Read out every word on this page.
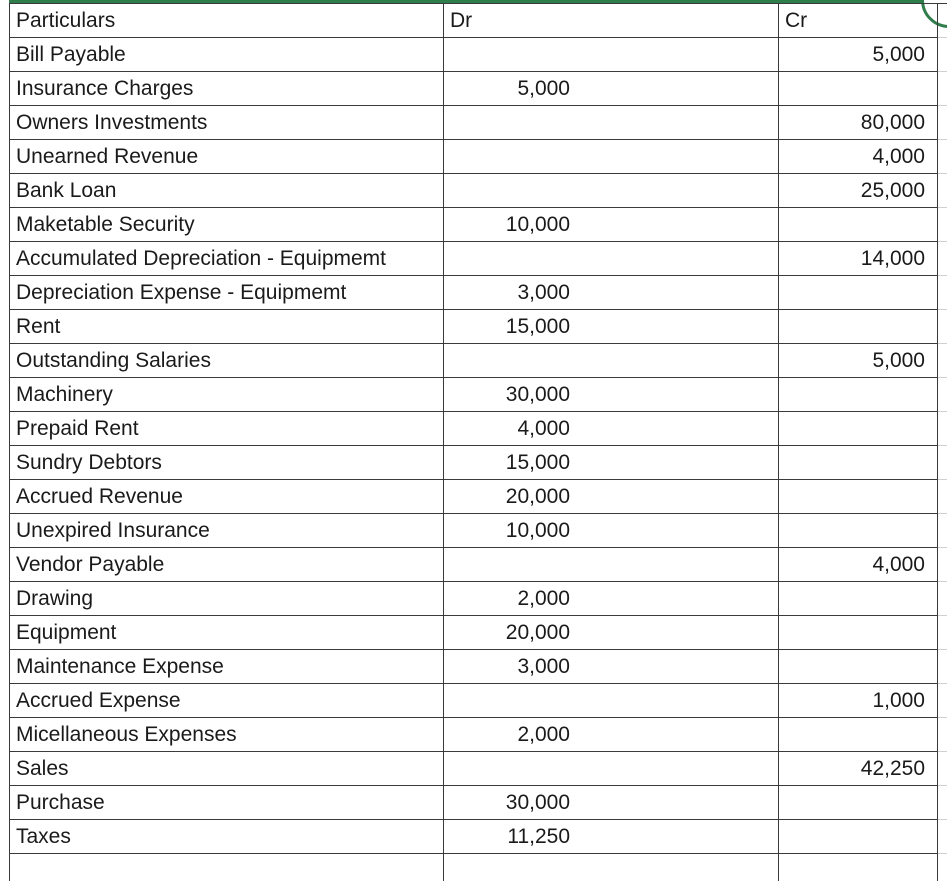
Particulars	Dr	Cr	
Bill Payable		5,000	
Insurance Charges	5,000		
Owners Investments		80,000	
Unearned Revenue		4,000	
Bank Loan		25,000	
Maketable Security	10,000		
Accumulated Depreciation - Equipmemt		14,000	
Depreciation Expense - Equipmemt	3,000		
Rent	15,000		
Outstanding Salaries		5,000	
Machinery	30,000		
Prepaid Rent	4,000		
Sundry Debtors	15,000		
Accrued Revenue	20,000		
Unexpired Insurance	10,000		
Vendor Payable		4,000	
Drawing	2,000		
Equipment	20,000		
Maintenance Expense	3,000		
Accrued Expense		1,000	
Micellaneous Expenses	2,000		
Sales		42,250	
Purchase	30,000		
Taxes	11,250		
